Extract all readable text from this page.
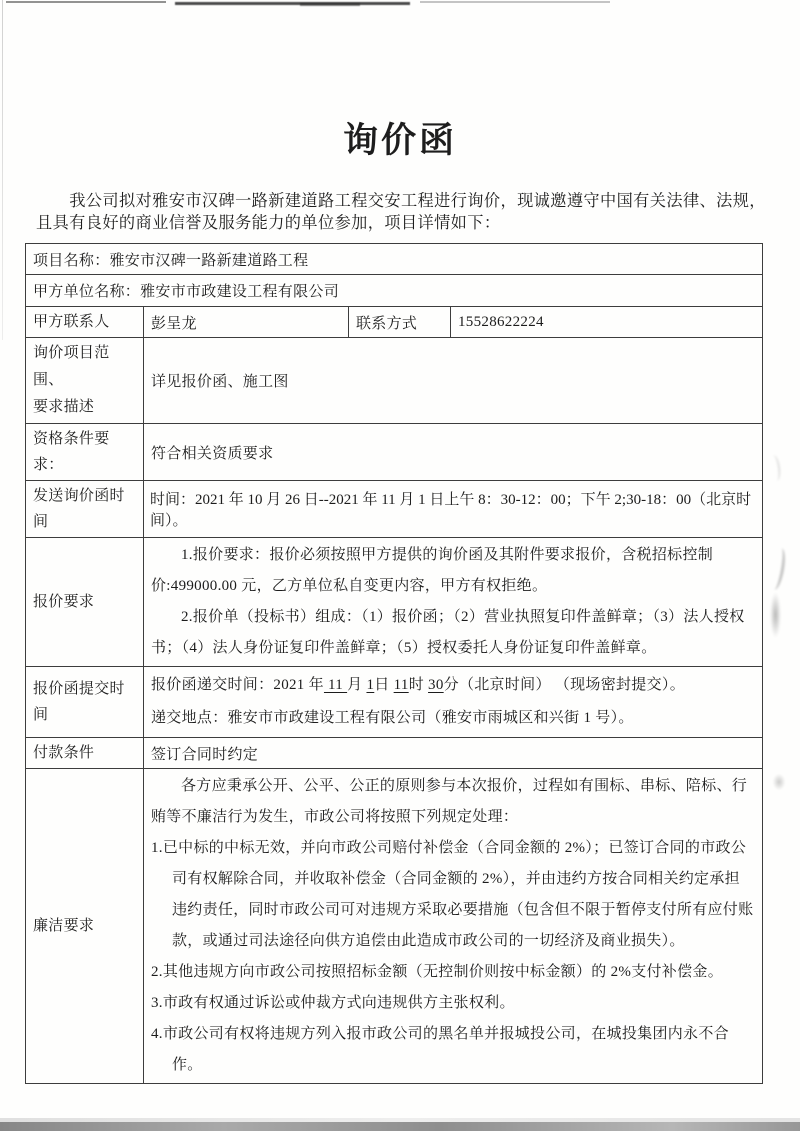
询价函

我公司拟对雅安市汉碑一路新建道路工程交安工程进行询价，现诚邀遵守中国有关法律、法规，且具有良好的商业信誉及服务能力的单位参加，项目详情如下：

项目名称：雅安市汉碑一路新建道路工程			
甲方单位名称：雅安市市政建设工程有限公司			
甲方联系人	彭呈龙	联系方式	15528622224

询价项目范围、
要求描述	详见报价函、施工图		
资格条件要求：	符合相关资质要求		
发送询价函时间	时间：2021 年 10 月 26 日--2021 年 11 月 1 日上午 8：30-12：00；下午 2;30-18：00（北京时间）。		
报价要求	1.报价要求：报价必须按照甲方提供的询价函及其附件要求报价，含税招标控制价:499000.00 元，乙方单位私自变更内容，甲方有权拒绝。
2.报价单（投标书）组成：（1）报价函；（2）营业执照复印件盖鲜章；（3）法人授权书；（4）法人身份证复印件盖鲜章；（5）授权委托人身份证复印件盖鲜章。		

报价函提交时间	报价函递交时间：2021 年 11 月 1日 11时 30分（北京时间） （现场密封提交）。
递交地点：雅安市市政建设工程有限公司（雅安市雨城区和兴街 1 号）。		

付款条件	签订合同时约定		
廉洁要求	各方应秉承公开、公平、公正的原则参与本次报价，过程如有围标、串标、陪标、行贿等不廉洁行为发生，市政公司将按照下列规定处理：
1.已中标的中标无效，并向市政公司赔付补偿金（合同金额的 2%）；已签订合同的市政公司有权解除合同，并收取补偿金（合同金额的 2%），并由违约方按合同相关约定承担违约责任，同时市政公司可对违规方采取必要措施（包含但不限于暂停支付所有应付账款，或通过司法途径向供方追偿由此造成市政公司的一切经济及商业损失）。
2.其他违规方向市政公司按照招标金额（无控制价则按中标金额）的 2%支付补偿金。
3.市政有权通过诉讼或仲裁方式向违规供方主张权利。
4.市政公司有权将违规方列入报市政公司的黑名单并报城投公司，在城投集团内永不合作。		
